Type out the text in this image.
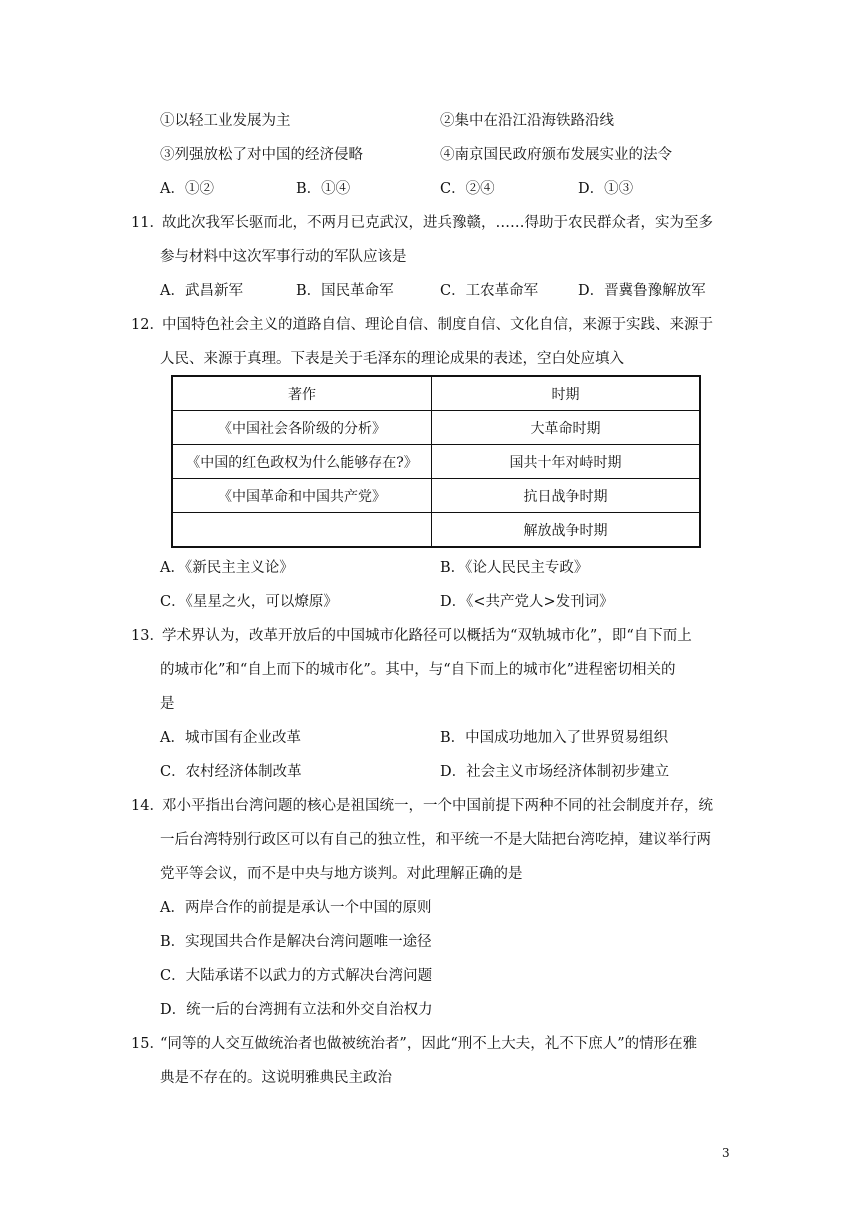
①以轻工业发展为主	②集中在沿江沿海铁路沿线
③列强放松了对中国的经济侵略	④南京国民政府颁布发展实业的法令
A．①②	B．①④	C．②④	D．①③
11．
故此次我军长驱而北，不两月已克武汉，进兵豫赣，……得助于农民群众者，实为至多
参与材料中这次军事行动的军队应该是
A．武昌新军	B．国民革命军	C．工农革命军	D．晋冀鲁豫解放军
12．
中国特色社会主义的道路自信、理论自信、制度自信、文化自信，来源于实践、来源于
人民、来源于真理。下表是关于毛泽东的理论成果的表述，空白处应填入
著作	时期
《中国社会各阶级的分析》	大革命时期
《中国的红色政权为什么能够存在?》	国共十年对峙时期
《中国革命和中国共产党》	抗日战争时期
	解放战争时期
A．《新民主主义论》	B．《论人民民主专政》
C．《星星之火，可以燎原》	D．《<共产党人>发刊词》
13．
学术界认为，改革开放后的中国城市化路径可以概括为“双轨城市化”，即“自下而上
的城市化”和“自上而下的城市化”。其中，与“自下而上的城市化”进程密切相关的
是
A．城市国有企业改革	B．中国成功地加入了世界贸易组织
C．农村经济体制改革	D．社会主义市场经济体制初步建立
14．
邓小平指出台湾问题的核心是祖国统一，一个中国前提下两种不同的社会制度并存，统
一后台湾特别行政区可以有自己的独立性，和平统一不是大陆把台湾吃掉，建议举行两
党平等会议，而不是中央与地方谈判。对此理解正确的是
A．两岸合作的前提是承认一个中国的原则
B．实现国共合作是解决台湾问题唯一途径
C．大陆承诺不以武力的方式解决台湾问题
D．统一后的台湾拥有立法和外交自治权力
15．
“同等的人交互做统治者也做被统治者”，因此“刑不上大夫，礼不下庶人”的情形在雅
典是不存在的。这说明雅典民主政治
3
